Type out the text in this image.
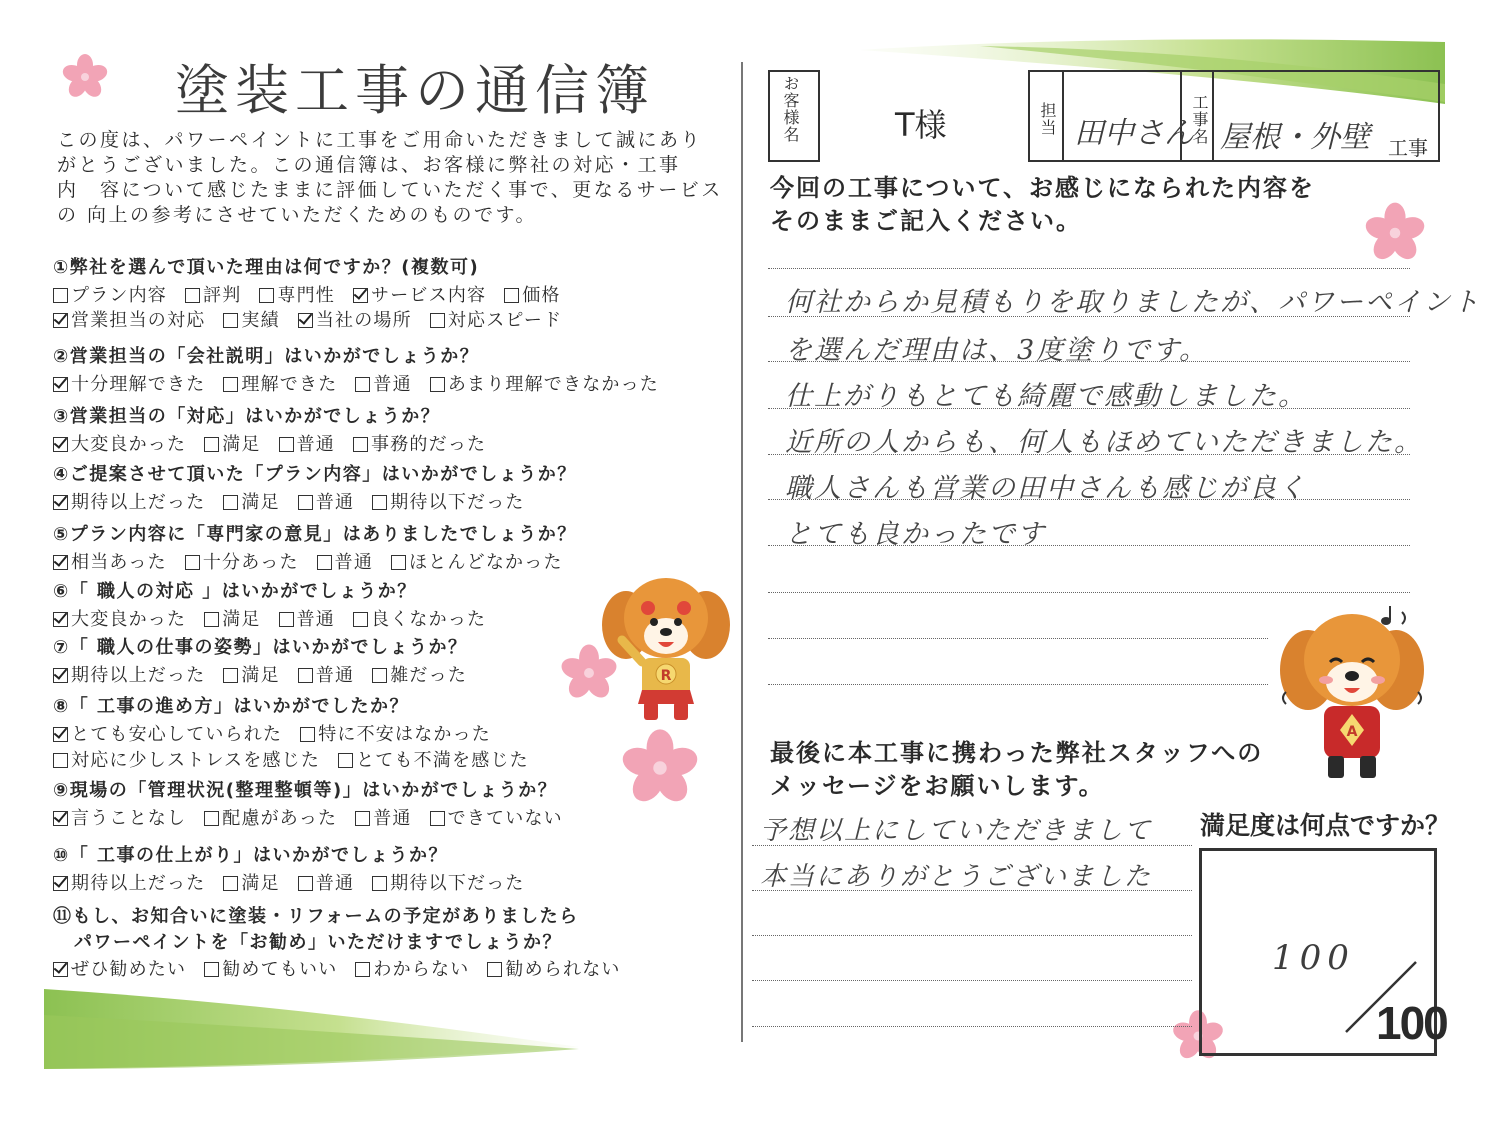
塗装工事の通信簿
この度は、パワーペイントに工事をご用命いただきまして誠にあり
がとうございました。この通信簿は、お客様に弊社の対応・工事
内　容について感じたままに評価していただく事で、更なるサービス
の 向上の参考にさせていただくためのものです。
①弊社を選んで頂いた理由は何ですか？(複数可)
プラン内容 評判 専門性 サービス内容 価格
営業担当の対応 実績 当社の場所 対応スピード
②営業担当の「会社説明」はいかがでしょうか？
十分理解できた 理解できた 普通 あまり理解できなかった
③営業担当の「対応」はいかがでしょうか？
大変良かった 満足 普通 事務的だった
④ご提案させて頂いた「プラン内容」はいかがでしょうか？
期待以上だった 満足 普通 期待以下だった
⑤プラン内容に「専門家の意見」はありましたでしょうか？
相当あった 十分あった 普通 ほとんどなかった
⑥「 職人の対応 」はいかがでしょうか？
大変良かった 満足 普通 良くなかった
⑦「 職人の仕事の姿勢」はいかがでしょうか？
期待以上だった 満足 普通 雑だった
⑧「 工事の進め方」はいかがでしたか？
とても安心していられた 特に不安はなかった
対応に少しストレスを感じた とても不満を感じた
⑨現場の「管理状況(整理整頓等)」はいかがでしょうか？
言うことなし 配慮があった 普通 できていない
⑩「 工事の仕上がり」はいかがでしょうか？
期待以上だった 満足 普通 期待以下だった
⑪もし、お知合いに塗装・リフォームの予定がありましたら
パワーペイントを「お勧め」いただけますでしょうか？
ぜひ勧めたい 勧めてもいい わからない 勧められない
R
お客様名	T様	担当 田中さん
工事名 屋根・外壁 工事
今回の工事について、お感じになられた内容を
そのままご記入ください。
何社からか見積もりを取りましたが、パワーペイント
を選んだ理由は、3度塗りです。
仕上がりもとても綺麗で感動しました。
近所の人からも、何人もほめていただきました。
職人さんも営業の田中さんも感じが良く
とても良かったです
A
最後に本工事に携わった弊社スタッフへの
メッセージをお願いします。
予想以上にしていただきまして
本当にありがとうございました
満足度は何点ですか？
100
100
